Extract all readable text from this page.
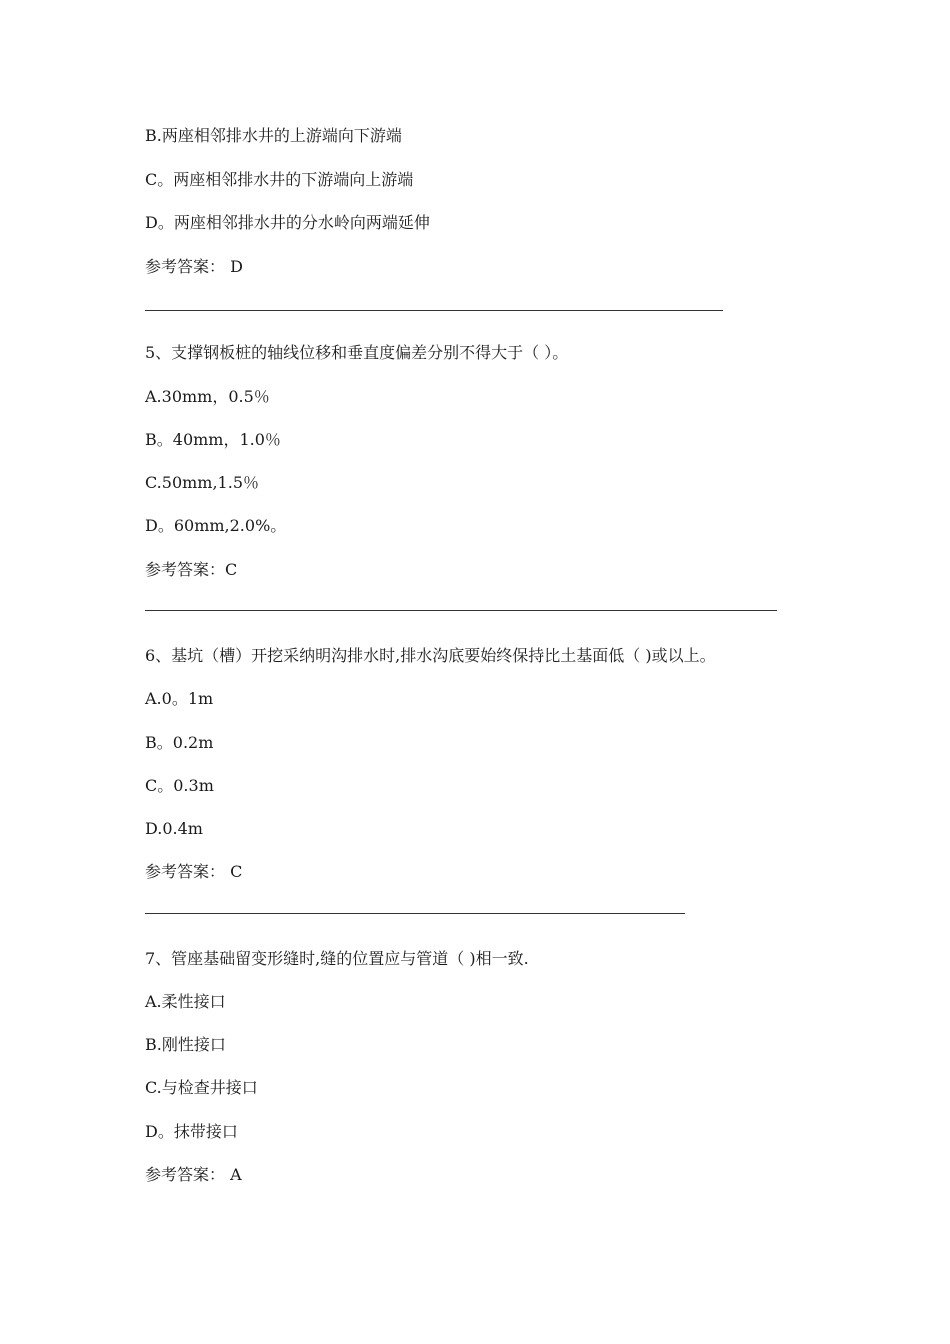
B.两座相邻排水井的上游端向下游端
C。两座相邻排水井的下游端向上游端
D。两座相邻排水井的分水岭向两端延伸
参考答案： D
5、支撑钢板桩的轴线位移和垂直度偏差分别不得大于（ ）。
A.30mm，0.5％
B。40mm，1.0％
C.50mm,1.5％
D。60mm,2.0%。
参考答案：C
6、基坑（槽）开挖采纳明沟排水时,排水沟底要始终保持比土基面低（ )或以上。
A.0。1m
B。0.2m
C。0.3m
D.0.4m
参考答案： C
7、管座基础留变形缝时,缝的位置应与管道（ )相一致.
A.柔性接口
B.刚性接口
C.与检查井接口
D。抹带接口
参考答案： A
